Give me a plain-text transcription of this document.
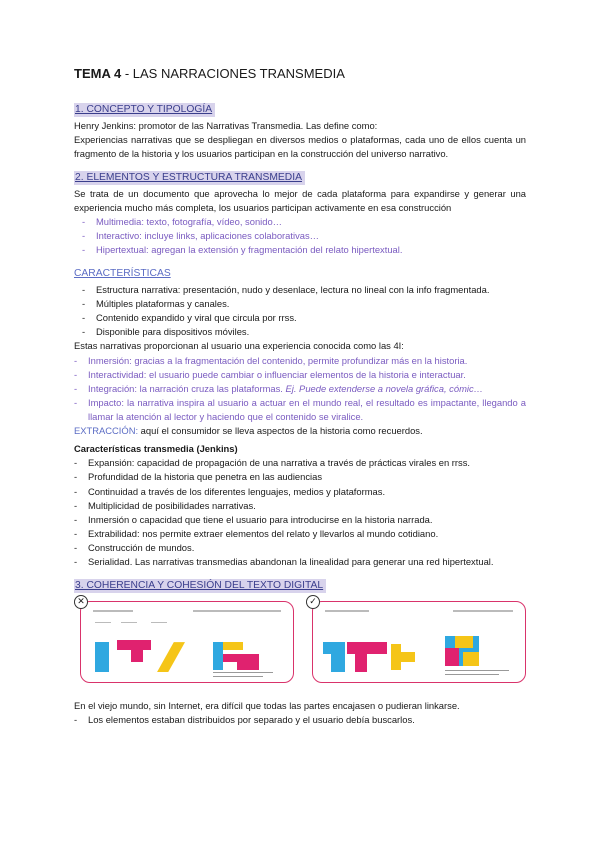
TEMA 4 - LAS NARRACIONES TRANSMEDIA
1. CONCEPTO Y TIPOLOGÍA

Henry Jenkins: promotor de las Narrativas Transmedia. Las define como:

Experiencias narrativas que se despliegan en diversos medios o plataformas, cada uno de ellos cuenta un fragmento de la historia y los usuarios participan en la construcción del universo narrativo.

2. ELEMENTOS Y ESTRUCTURA TRANSMEDIA

Se trata de un documento que aprovecha lo mejor de cada plataforma para expandirse y generar una experiencia mucho más completa, los usuarios participan activamente en esa construcción

- Multimedia: texto, fotografía, vídeo, sonido…
- Interactivo: incluye links, aplicaciones colaborativas…
- Hipertextual: agregan la extensión y fragmentación del relato hipertextual.
CARACTERÍSTICAS
- Estructura narrativa: presentación, nudo y desenlace, lectura no lineal con la info fragmentada.
- Múltiples plataformas y canales.
- Contenido expandido y viral que circula por rrss.
- Disponible para dispositivos móviles.

Estas narrativas proporcionan al usuario una experiencia conocida como las 4I:

- Inmersión: gracias a la fragmentación del contenido, permite profundizar más en la historia.
- Interactividad: el usuario puede cambiar o influenciar elementos de la historia e interactuar.
- Integración: la narración cruza las plataformas. Ej. Puede extenderse a novela gráfica, cómic…
- Impacto: la narrativa inspira al usuario a actuar en el mundo real, el resultado es impactante, llegando a llamar la atención al lector y haciendo que el contenido se viralice.

EXTRACCIÓN: aquí el consumidor se lleva aspectos de la historia como recuerdos.

Características transmedia (Jenkins)

- Expansión: capacidad de propagación de una narrativa a través de prácticas virales en rrss.
- Profundidad de la historia que penetra en las audiencias
- Continuidad a través de los diferentes lenguajes, medios y plataformas.
- Multiplicidad de posibilidades narrativas.
- Inmersión o capacidad que tiene el usuario para introducirse en la historia narrada.
- Extrabilidad: nos permite extraer elementos del relato y llevarlos al mundo cotidiano.
- Construcción de mundos.
- Serialidad. Las narrativas transmedias abandonan la linealidad para generar una red hipertextual.
3. COHERENCIA Y COHESIÓN DEL TEXTO DIGITAL
✕	✓

En el viejo mundo, sin Internet, era difícil que todas las partes encajasen o pudieran linkarse.

- Los elementos estaban distribuidos por separado y el usuario debía buscarlos.
